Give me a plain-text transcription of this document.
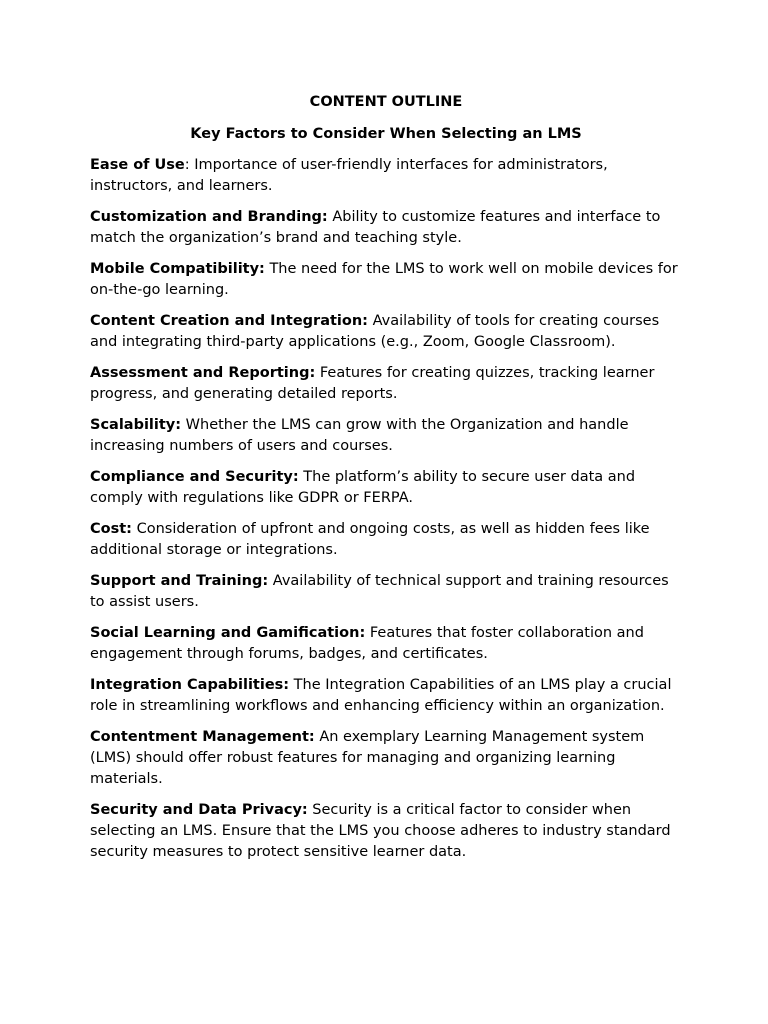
CONTENT OUTLINE

Key Factors to Consider When Selecting an LMS

Ease of Use: Importance of user-friendly interfaces for administrators, instructors, and learners.

Customization and Branding: Ability to customize features and interface to match the organization’s brand and teaching style.

Mobile Compatibility: The need for the LMS to work well on mobile devices for on-the-go learning.

Content Creation and Integration: Availability of tools for creating courses and integrating third-party applications (e.g., Zoom, Google Classroom).

Assessment and Reporting: Features for creating quizzes, tracking learner progress, and generating detailed reports.

Scalability: Whether the LMS can grow with the Organization and handle increasing numbers of users and courses.

Compliance and Security: The platform’s ability to secure user data and comply with regulations like GDPR or FERPA.

Cost: Consideration of upfront and ongoing costs, as well as hidden fees like additional storage or integrations.

Support and Training: Availability of technical support and training resources to assist users.

Social Learning and Gamification: Features that foster collaboration and engagement through forums, badges, and certificates.

Integration Capabilities: The Integration Capabilities of an LMS play a crucial role in streamlining workflows and enhancing efficiency within an organization.

Contentment Management: An exemplary Learning Management system (LMS) should offer robust features for managing and organizing learning materials.

Security and Data Privacy: Security is a critical factor to consider when selecting an LMS. Ensure that the LMS you choose adheres to industry standard security measures to protect sensitive learner data.
